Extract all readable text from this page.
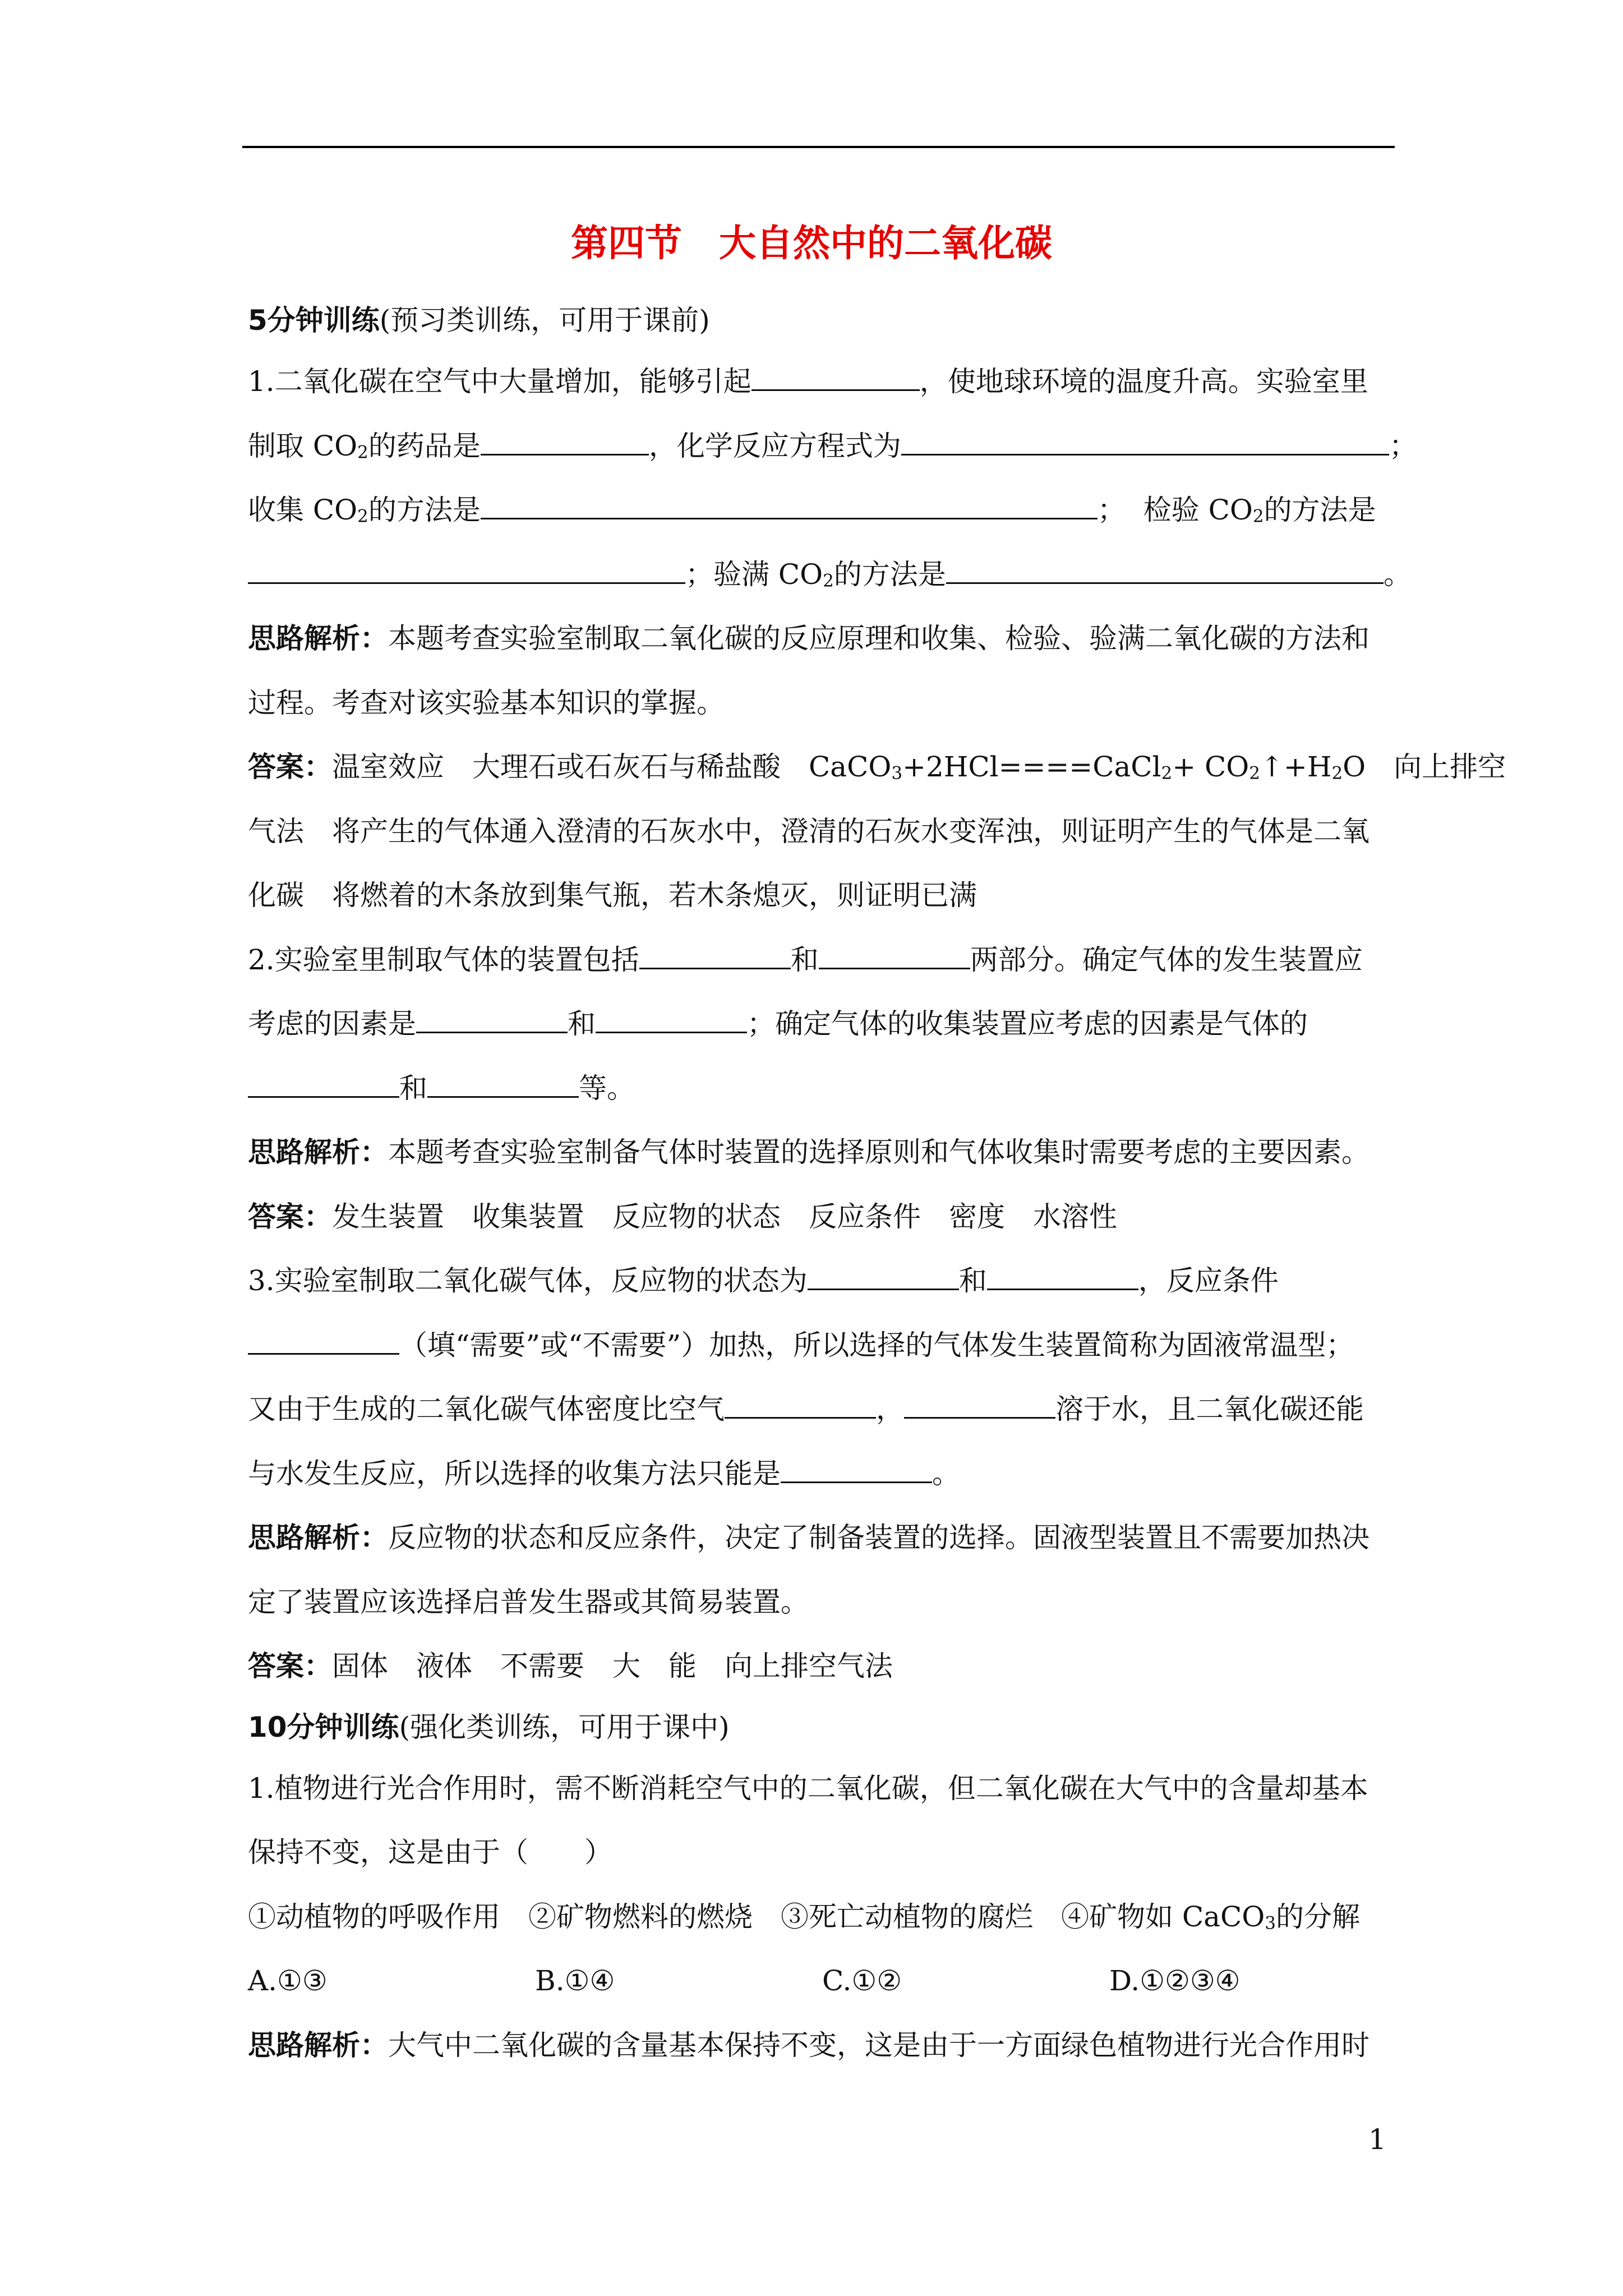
第四节　大自然中的二氧化碳
5分钟训练(预习类训练，可用于课前)
1.二氧化碳在空气中大量增加，能够引起	，使地球环境的温度升高。实验室里
制取 $CO_2$的药品是	，化学反应方程式为	；
收集 $CO_2$的方法是	；  检验 $CO_2$的方法是
；验满 $CO_2$的方法是	。
思路解析：本题考查实验室制取二氧化碳的反应原理和收集、检验、验满二氧化碳的方法和
过程。考查对该实验基本知识的掌握。
答案：温室效应　大理石或石灰石与稀盐酸　CaCO$_3$+2HCl====CaCl$_2$+ $CO_2↑+H_2O$　向上排空
气法　将产生的气体通入澄清的石灰水中，澄清的石灰水变浑浊，则证明产生的气体是二氧
化碳　将燃着的木条放到集气瓶，若木条熄灭，则证明已满
2.实验室里制取气体的装置包括	和	两部分。确定气体的发生装置应
考虑的因素是	和	；确定气体的收集装置应考虑的因素是气体的
和	等。
思路解析：本题考查实验室制备气体时装置的选择原则和气体收集时需要考虑的主要因素。
答案：发生装置　收集装置　反应物的状态　反应条件　密度　水溶性
3.实验室制取二氧化碳气体，反应物的状态为	和	，反应条件
（填“需要”或“不需要”）加热，所以选择的气体发生装置简称为固液常温型；
又由于生成的二氧化碳气体密度比空气	，	溶于水，且二氧化碳还能
与水发生反应，所以选择的收集方法只能是	。
思路解析：反应物的状态和反应条件，决定了制备装置的选择。固液型装置且不需要加热决
定了装置应该选择启普发生器或其简易装置。
答案：固体　液体　不需要　大　能　向上排空气法
10分钟训练(强化类训练，可用于课中)
1.植物进行光合作用时，需不断消耗空气中的二氧化碳，但二氧化碳在大气中的含量却基本
保持不变，这是由于（　　）
①动植物的呼吸作用　②矿物燃料的燃烧　③死亡动植物的腐烂　④矿物如 CaCO$_3$的分解
A.①③	B.①④	C.①②	D.①②③④
思路解析：大气中二氧化碳的含量基本保持不变，这是由于一方面绿色植物进行光合作用时
1
